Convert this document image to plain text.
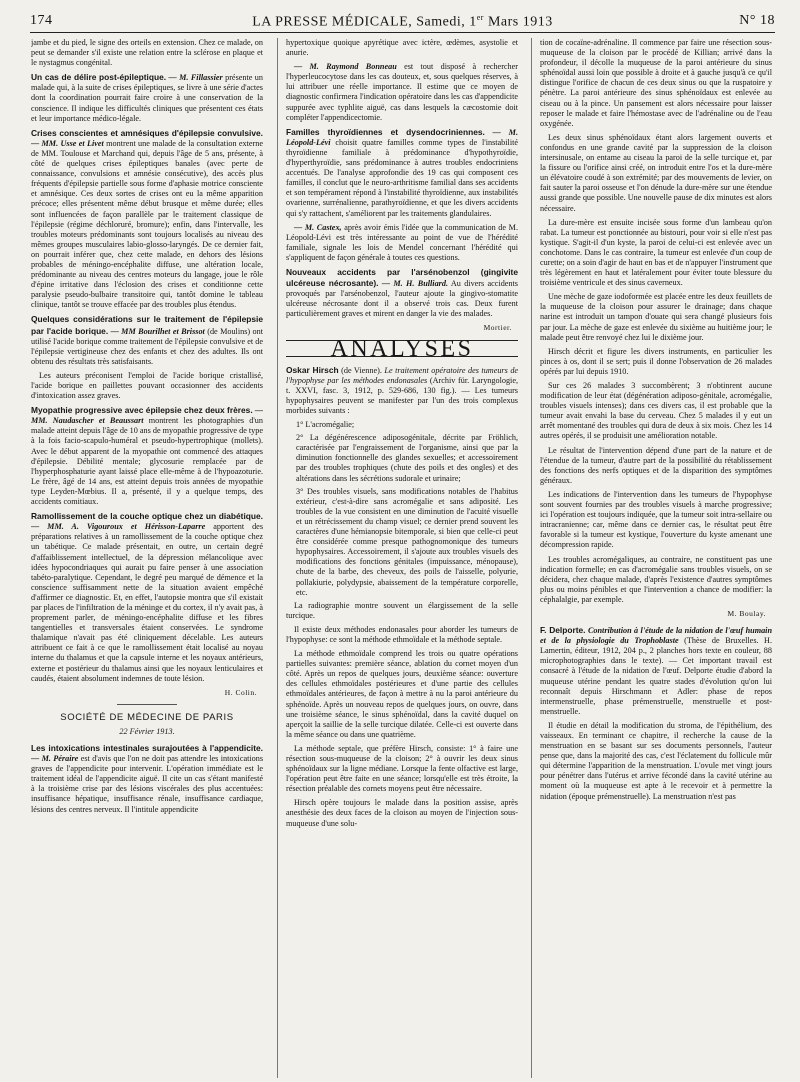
174	LA PRESSE MÉDICALE, Samedi, 1er Mars 1913	N° 18

jambe et du pied, le signe des orteils en extension. Chez ce malade, on peut se demander s'il existe une relation entre la sclérose en plaque et le nystagmus congénital.

Un cas de délire post-épileptique. — M. Fillassier présente un malade qui, à la suite de crises épileptiques, se livre à une série d'actes dont la coordination pourrait faire croire à une conservation de la conscience. Il indique les difficultés cliniques que présentent ces états et leur importance médico-légale.

Crises conscientes et amnésiques d'épilepsie convulsive. — MM. Usse et Livet montrent une malade de la consultation externe de MM. Toulouse et Marchand qui, depuis l'âge de 5 ans, présente, à côté de quelques crises épileptiques banales (avec perte de connaissance, convulsions et amnésie consécutive), des accès plus fréquents d'épilepsie partielle sous forme d'aphasie motrice consciente et amnésique. Ces deux sortes de crises ont eu la même apparition précoce; elles présentent même début brusque et même durée; elles sont influencées de façon parallèle par le traitement classique de l'épilepsie (régime déchloruré, bromure); enfin, dans l'intervalle, les troubles moteurs prédominants sont toujours localisés au niveau des mêmes groupes musculaires labio-glosso-laryngés. De ce dernier fait, on pourrait inférer que, chez cette malade, en dehors des lésions probables de méningo-encéphalite diffuse, une altération locale, prédominante au niveau des centres moteurs du langage, joue le rôle d'épine irritative dans l'éclosion des crises et conditionne cette paralysie pseudo-bulbaire transitoire qui, tantôt domine le tableau clinique, tantôt se trouve effacée par des troubles plus étendus.

Quelques considérations sur le traitement de l'épilepsie par l'acide borique. — MM Bourilhet et Brissot (de Moulins) ont utilisé l'acide borique comme traitement de l'épilepsie convulsive et de l'épilepsie vertigineuse chez des enfants et chez des adultes. Ils ont obtenu des résultats très satisfaisants.

Les auteurs préconisent l'emploi de l'acide borique cristallisé, l'acide borique en paillettes pouvant occasionner des accidents d'intoxication assez graves.

Myopathie progressive avec épilepsie chez deux frères. — MM. Naudascher et Beaussart montrent les photographies d'un malade atteint depuis l'âge de 10 ans de myopathie progressive de type à la fois facio-scapulo-huméral et pseudo-hypertrophique (mollets). Avec le début apparent de la myopathie ont commencé des attaques d'épilepsie. Débilité mentale; glycosurie remplacée par de l'hyperphosphaturie ayant laissé place elle-même à de l'hypoazoturie. Le frère, âgé de 14 ans, est atteint depuis trois années de myopathie type Leyden-Mœbius. Il a, présenté, il y a quelque temps, des accidents comitiaux.

Ramollissement de la couche optique chez un diabétique. — MM. A. Vigouroux et Hérisson-Laparre apportent des préparations relatives à un ramollissement de la couche optique chez un tabétique. Ce malade présentait, en outre, un certain degré d'affaiblissement intellectuel, de la dépression mélancolique avec idées hypocondriaques qui aurait pu faire penser à une association tabéto-paralytique. Cependant, le degré peu marqué de démence et la conscience suffisamment nette de la situation avaient empêché d'affirmer ce diagnostic. Et, en effet, l'autopsie montra que s'il existait par places de l'infiltration de la méninge et du cortex, il n'y avait pas, à proprement parler, de méningo-encéphalite diffuse et les fibres tangentielles et transversales étaient conservées. Le syndrome thalamique n'avait pas été cliniquement décelable. Les auteurs attribuent ce fait à ce que le ramollissement était localisé au noyau interne du thalamus et que la capsule interne et les noyaux antérieurs, externe et postérieur du thalamus ainsi que les noyaux lenticulaires et caudés, étaient absolument indemnes de toute lésion.

H. Colin.
SOCIÉTÉ DE MÉDECINE DE PARIS
22 Février 1913.

Les intoxications intestinales surajoutées à l'appendicite. — M. Péraire est d'avis que l'on ne doit pas attendre les intoxications graves de l'appendicite pour intervenir. L'opération immédiate est le traitement idéal de l'appendicite aiguë. Il cite un cas s'étant manifesté à la troisième crise par des lésions viscérales des plus accentuées: insuffisance hépatique, insuffisance rénale, insuffisance cardiaque, lésions des centres nerveux. Il l'intitule appendicite

hypertoxique quoique apyrétique avec ictère, œdèmes, asystolie et anurie.

— M. Raymond Bonneau est tout disposé à rechercher l'hyperleucocytose dans les cas douteux, et, sous quelques réserves, à lui attribuer une réelle importance. Il estime que ce moyen de diagnostic confirmera l'indication opératoire dans les cas d'appendicite suppurée avec typhlite aiguë, cas dans lesquels la cæcostomie doit compléter l'appendicectomie.

Familles thyroïdiennes et dysendocriniennes. — M. Léopold-Lévi choisit quatre familles comme types de l'instabilité thyroïdienne familiale à prédominance d'hypothyroïdie, d'hyperthyroïdie, sans prédominance à autres troubles endocriniens accentués. De l'analyse approfondie des 19 cas qui composent ces familles, il conclut que le neuro-arthritisme familial dans ses accidents et son tempérament répond à l'instabilité thyroïdienne, aux instabilités ovarienne, surrénalienne, parathyroïdienne, et que les divers accidents qui s'y rattachent, s'améliorent par les traitements glandulaires.

— M. Castex, après avoir émis l'idée que la communication de M. Léopold-Lévi est très intéressante au point de vue de l'hérédité familiale, signale les lois de Mendel concernant l'hérédité qui s'appliquent de façon générale à toutes ces questions.

Nouveaux accidents par l'arsénobenzol (gingivite ulcéreuse nécrosante). — M. H. Bulliard. Au divers accidents provoqués par l'arsénobenzol, l'auteur ajoute la gingivo-stomatite ulcéreuse nécrosante dont il a observé trois cas. Deux furent particulièrement graves et mirent en danger la vie des malades.

Mortier.
ANALYSES

Oskar Hirsch (de Vienne). Le traitement opératoire des tumeurs de l'hypophyse par les méthodes endonasales (Archiv für. Laryngologie, t. XXVI, fasc. 3, 1912, p. 529-686, 130 fig.). — Les tumeurs hypophysaires peuvent se manifester par l'un des trois complexus morbides suivants :

1° L'acromégalie;

2° La dégénérescence adiposogénitale, décrite par Fröhlich, caractérisée par l'engraissement de l'organisme, ainsi que par la diminution fonctionnelle des glandes sexuelles; et accessoirement par des troubles trophiques (chute des poils et des ongles) et des altérations dans les sécrétions sudorale et urinaire;

3° Des troubles visuels, sans modifications notables de l'habitus extérieur, c'est-à-dire sans acromégalie et sans adiposité. Les troubles de la vue consistent en une diminution de l'acuité visuelle et un rétrécissement du champ visuel; ce dernier prend souvent les caractères d'une hémianopsie bitemporale, si bien que celle-ci peut être considérée comme presque pathognomonique des tumeurs hypophysaires. Accessoirement, il s'ajoute aux troubles visuels des modifications des fonctions génitales (impuissance, ménopause), chute de la barbe, des cheveux, des poils de l'aisselle, polyurie, pollakiurie, polydypsie, abaissement de la température corporelle, etc.

La radiographie montre souvent un élargissement de la selle turcique.

Il existe deux méthodes endonasales pour aborder les tumeurs de l'hypophyse: ce sont la méthode ethmoïdale et la méthode septale.

La méthode ethmoïdale comprend les trois ou quatre opérations partielles suivantes: première séance, ablation du cornet moyen d'un côté. Après un repos de quelques jours, deuxième séance: ouverture des cellules ethmoïdales postérieures et d'une partie des cellules ethmoïdales antérieures, de façon à mettre à nu la paroi antérieure du sphénoïde. Après un nouveau repos de quelques jours, on ouvre, dans une troisième séance, le sinus sphénoïdal, dans la cavité duquel on aperçoit la saillie de la selle turcique dilatée. Celle-ci est ouverte dans la même séance ou dans une quatrième.

La méthode septale, que préfère Hirsch, consiste: 1° à faire une résection sous-muqueuse de la cloison; 2° à ouvrir les deux sinus sphénoïdaux sur la ligne médiane. Lorsque la fente olfactive est large, l'opération peut être faite en une séance; lorsqu'elle est très étroite, la résection préalable des cornets moyens peut être nécessaire.

Hirsch opère toujours le malade dans la position assise, après anesthésie des deux faces de la cloison au moyen de l'injection sous-muqueuse d'une solu-

tion de cocaïne-adrénaline. Il commence par faire une résection sous-muqueuse de la cloison par le procédé de Killian; arrivé dans la profondeur, il décolle la muqueuse de la paroi antérieure du sinus sphénoïdal aussi loin que possible à droite et à gauche jusqu'à ce qu'il distingue l'orifice de chacun de ces deux sinus ou que la ruspatoire y pénètre. La paroi antérieure des sinus sphénoïdaux est enlevée au ciseau ou à la pince. Un pansement est alors nécessaire pour laisser reposer le malade et faire l'hémostase avec de l'adrénaline ou de l'eau oxygénée.

Les deux sinus sphénoïdaux étant alors largement ouverts et confondus en une grande cavité par la suppression de la cloison intersinusale, on entame au ciseau la paroi de la selle turcique et, par la fissure ou l'orifice ainsi créé, on introduit entre l'os et la dure-mère un élévatoire coudé à son extrémité; par des mouvements de levier, on fait sauter la paroi osseuse et l'on dénude la dure-mère sur une étendue aussi grande que possible. Une nouvelle pause de dix minutes est alors nécessaire.

La dure-mère est ensuite incisée sous forme d'un lambeau qu'on rabat. La tumeur est ponctionnée au bistouri, pour voir si elle n'est pas kystique. S'agit-il d'un kyste, la paroi de celui-ci est enlevée avec un conchotome. Dans le cas contraire, la tumeur est enlevée d'un coup de curette; on a soin d'agir de haut en bas et de n'appuyer l'instrument que très légèrement en haut et latéralement pour éviter toute blessure du troisième ventricule et des sinus caverneux.

Une mèche de gaze iodoformée est placée entre les deux feuillets de la muqueuse de la cloison pour assurer le drainage; dans chaque narine est introduit un tampon d'ouate qui sera changé plusieurs fois par jour. La mèche de gaze est enlevée du sixième au huitième jour; le malade peut être renvoyé chez lui le dixième jour.

Hirsch décrit et figure les divers instruments, en particulier les pinces à os, dont il se sert; puis il donne l'observation de 26 malades opérés par lui depuis 1910.

Sur ces 26 malades 3 succombèrent; 3 n'obtinrent aucune modification de leur état (dégénération adiposo-génitale, acromégalie, troubles visuels intenses); dans ces divers cas, il est probable que la tumeur avait envahi la base du cerveau. Chez 5 malades il y eut un arrêt momentané des troubles qui dura de deux à six mois. Chez les 14 autres opérés, il se produisit une amélioration notable.

Le résultat de l'intervention dépend d'une part de la nature et de l'étendue de la tumeur, d'autre part de la possibilité du rétablissement des fonctions des nerfs optiques et de la disparition des symptômes généraux.

Les indications de l'intervention dans les tumeurs de l'hypophyse sont souvent fournies par des troubles visuels à marche progressive; ici l'opération est toujours indiquée, que la tumeur soit intra-sellaire ou intracranienne; car, même dans ce dernier cas, le résultat peut être favorable si la tumeur est kystique, l'ouverture du kyste amenant une décompression rapide.

Les troubles acromégaliques, au contraire, ne constituent pas une indication formelle; en cas d'acromégalie sans troubles visuels, on se décidera, chez chaque malade, d'après l'existence d'autres symptômes plus ou moins pénibles et que l'intervention a chance de modifier: la céphalalgie, par exemple.

M. Boulay.

F. Delporte. Contribution à l'étude de la nidation de l'œuf humain et de la physiologie du Trophoblaste (Thèse de Bruxelles. H. Lamertin, éditeur, 1912, 204 p., 2 planches hors texte en couleur, 88 microphotographies dans le texte). — Cet important travail est consacré à l'étude de la nidation de l'œuf. Delporte étudie d'abord la muqueuse utérine pendant les quatre stades d'évolution qu'on lui reconnaît depuis Hirschmann et Adler: phase de repos intermenstruelle, phase prémenstruelle, menstruelle et post-menstruelle.

Il étudie en détail la modification du stroma, de l'épithélium, des vaisseaux. En terminant ce chapitre, il recherche la cause de la menstruation en se basant sur ses documents personnels, l'auteur pense que, dans la majorité des cas, c'est l'éclatement du follicule mûr qui détermine l'apparition de la menstruation. L'ovule met vingt jours pour pénétrer dans l'utérus et arrive fécondé dans la cavité utérine au moment où la muqueuse est apte à le recevoir et à permettre la nidation (époque prémenstruelle). La menstruation n'est pas
